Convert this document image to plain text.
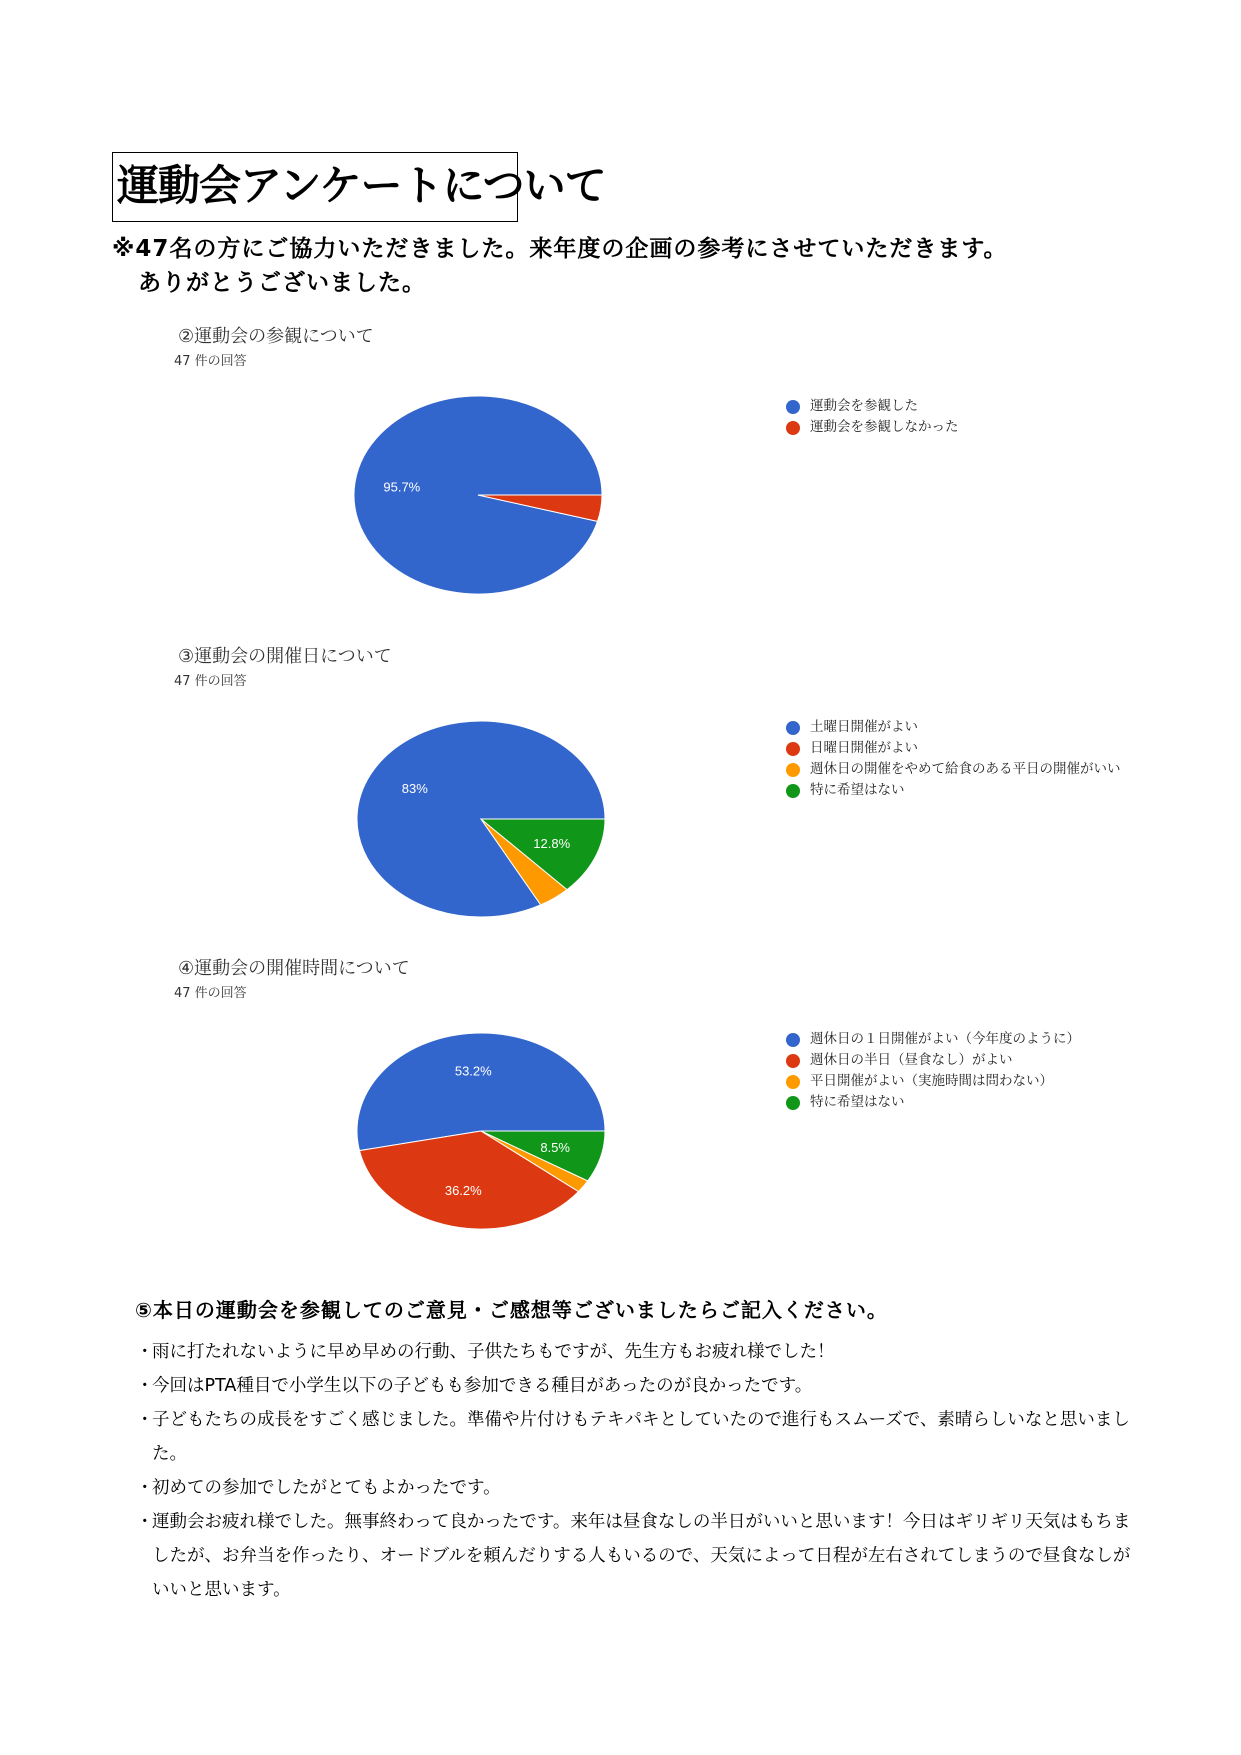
運動会アンケートについて
※47名の方にご協力いただきました。来年度の企画の参考にさせていただきます。
ありがとうございました。
②運動会の参観について
47 件の回答
95.7%
運動会を参観した
運動会を参観しなかった
③運動会の開催日について
47 件の回答
83%
12.8%
土曜日開催がよい
日曜日開催がよい
週休日の開催をやめて給食のある平日の開催がいい
特に希望はない
④運動会の開催時間について
47 件の回答
53.2%
36.2%
8.5%
週休日の１日開催がよい（今年度のように）
週休日の半日（昼食なし）がよい
平日開催がよい（実施時間は問わない）
特に希望はない
⑤本日の運動会を参観してのご意見・ご感想等ございましたらご記入ください。
・
雨に打たれないように早め早めの行動、子供たちもですが、先生方もお疲れ様でした！
・
今回はPTA種目で小学生以下の子どもも参加できる種目があったのが良かったです。
・
子どもたちの成長をすごく感じました。準備や片付けもテキパキとしていたので進行もスムーズで、素晴らしいなと思いました。
・
初めての参加でしたがとてもよかったです。
・
運動会お疲れ様でした。無事終わって良かったです。来年は昼食なしの半日がいいと思います！今日はギリギリ天気はもちましたが、お弁当を作ったり、オードブルを頼んだりする人もいるので、天気によって日程が左右されてしまうので昼食なしがいいと思います。
